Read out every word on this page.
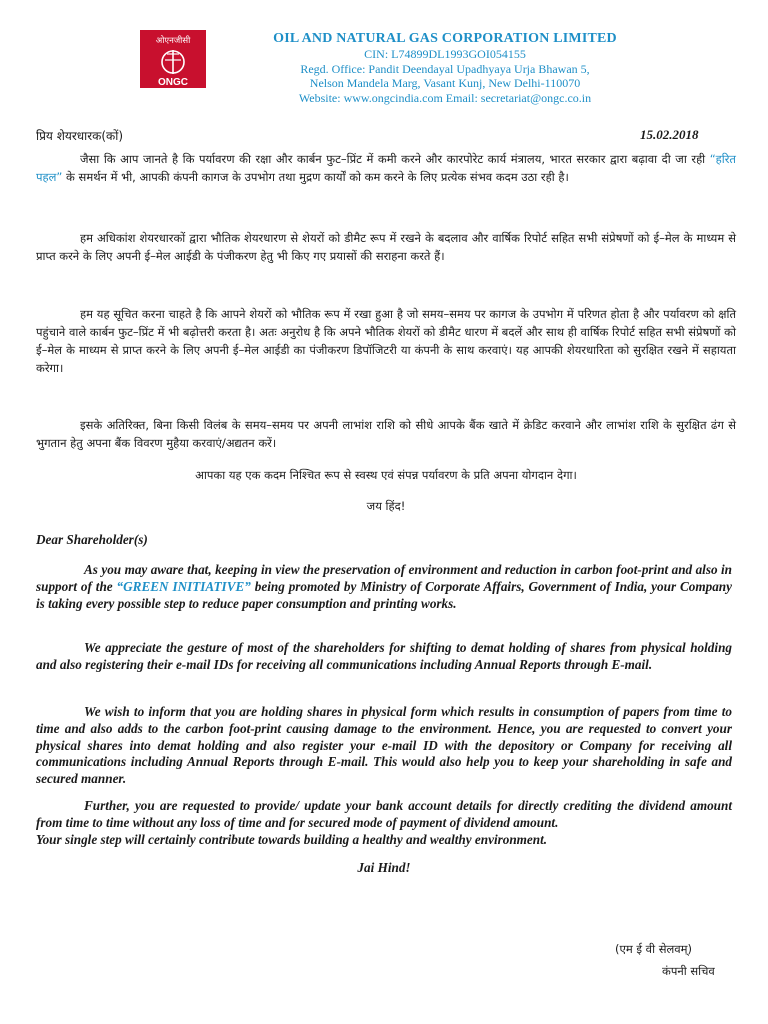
ओएनजीसी
ONGC
OIL AND NATURAL GAS CORPORATION LIMITED
CIN: L74899DL1993GOI054155
Regd. Office: Pandit Deendayal Upadhyaya Urja Bhawan 5,
Nelson Mandela Marg, Vasant Kunj, New Delhi-110070
Website: www.ongcindia.com Email: secretariat@ongc.co.in
प्रिय शेयरधारक(कों)	15.02.2018
जैसा कि आप जानते है कि पर्यावरण की रक्षा और कार्बन फुट–प्रिंट में कमी करने और कारपोरेट कार्य मंत्रालय, भारत सरकार द्वारा बढ़ावा दी जा रही “हरित पहल” के समर्थन में भी, आपकी कंपनी कागज के उपभोग तथा मुद्रण कार्यों को कम करने के लिए प्रत्येक संभव कदम उठा रही है।
हम अधिकांश शेयरधारकों द्वारा भौतिक शेयरधारण से शेयरों को डीमैट रूप में रखने के बदलाव और वार्षिक रिपोर्ट सहित सभी संप्रेषणों को ई–मेल के माध्यम से प्राप्त करने के लिए अपनी ई–मेल आईडी के पंजीकरण हेतु भी किए गए प्रयासों की सराहना करते हैं।
हम यह सूचित करना चाहते है कि आपने शेयरों को भौतिक रूप में रखा हुआ है जो समय–समय पर कागज के उपभोग में परिणत होता है और पर्यावरण को क्षति पहुंचाने वाले कार्बन फुट–प्रिंट में भी बढ़ोत्तरी करता है। अतः अनुरोध है कि अपने भौतिक शेयरों को डीमैट धारण में बदलें और साथ ही वार्षिक रिपोर्ट सहित सभी संप्रेषणों को ई–मेल के माध्यम से प्राप्त करने के लिए अपनी ई–मेल आईडी का पंजीकरण डिपॉजिटरी या कंपनी के साथ करवाएं। यह आपकी शेयरधारिता को सुरक्षित रखने में सहायता करेगा।
इसके अतिरिक्त, बिना किसी विलंब के समय–समय पर अपनी लाभांश राशि को सीधे आपके बैंक खाते में क्रेडिट करवाने और लाभांश राशि के सुरक्षित ढंग से भुगतान हेतु अपना बैंक विवरण मुहैया करवाएं/अद्यतन करें।
आपका यह एक कदम निश्चित रूप से स्वस्थ एवं संपन्न पर्यावरण के प्रति अपना योगदान देगा।
जय हिंद!
Dear Shareholder(s)

As you may aware that, keeping in view the preservation of environment and reduction in carbon foot-print and also in support of the “GREEN INITIATIVE” being promoted by Ministry of Corporate Affairs, Government of India, your Company is taking every possible step to reduce paper consumption and printing works.

We appreciate the gesture of most of the shareholders for shifting to demat holding of shares from physical holding and also registering their e-mail IDs for receiving all communications including Annual Reports through E-mail.

We wish to inform that you are holding shares in physical form which results in consumption of papers from time to time and also adds to the carbon foot-print causing damage to the environment. Hence, you are requested to convert your physical shares into demat holding and also register your e-mail ID with the depository or Company for receiving all communications including Annual Reports through E-mail. This would also help you to keep your shareholding in safe and secured manner.

Further, you are requested to provide/ update your bank account details for directly crediting the dividend amount from time to time without any loss of time and for secured mode of payment of dividend amount.

Your single step will certainly contribute towards building a healthy and wealthy environment.

Jai Hind!
(एम ई वी सेलवम्)
कंपनी सचिव
